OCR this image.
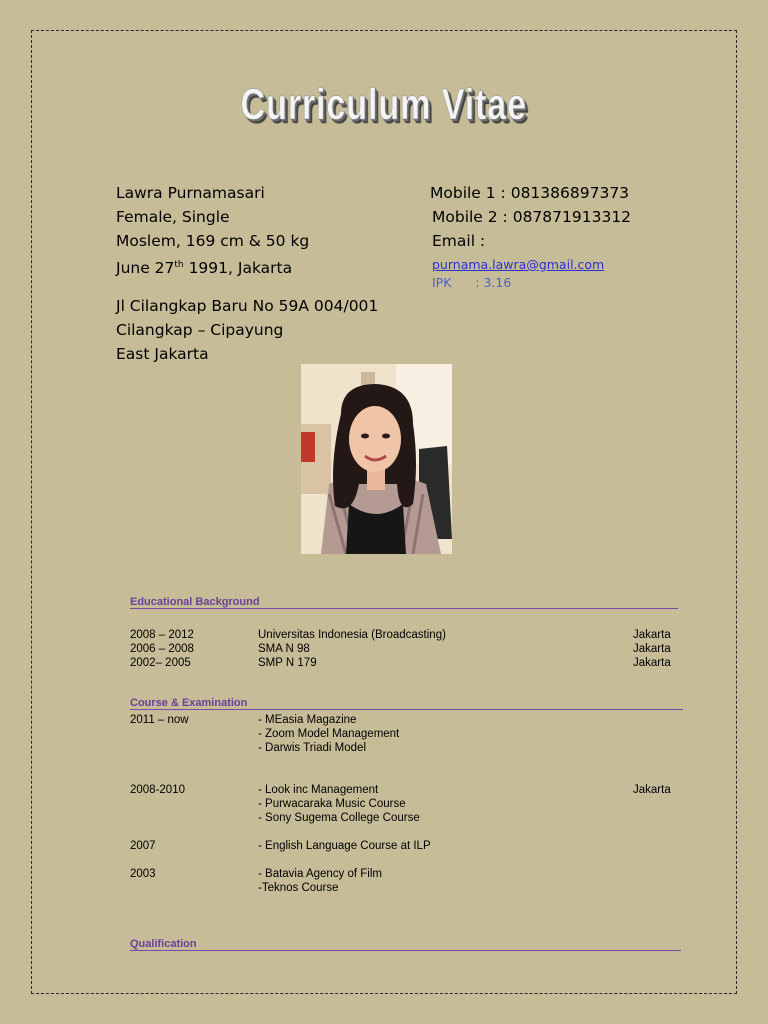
Curriculum Vitae
Lawra Purnamasari
Female, Single
Moslem, 169 cm & 50 kg
June 27th 1991, Jakarta
Jl Cilangkap Baru No 59A 004/001
Cilangkap – Cipayung
East Jakarta
Mobile 1 : 081386897373
Mobile 2 : 087871913312
Email :
purnama.lawra@gmail.com
IPK : 3.16
Educational Background
2008 – 2012	Universitas Indonesia (Broadcasting)	Jakarta
2006 – 2008	SMA N 98	Jakarta
2002– 2005	SMP N 179	Jakarta
Course & Examination
2011 – now	- MEasia Magazine
- Zoom Model Management
- Darwis Triadi Model
2008-2010	- Look inc Management	Jakarta
- Purwacaraka Music Course
- Sony Sugema College Course
2007	- English Language Course at ILP
2003	- Batavia Agency of Film
-Teknos Course
Qualification
